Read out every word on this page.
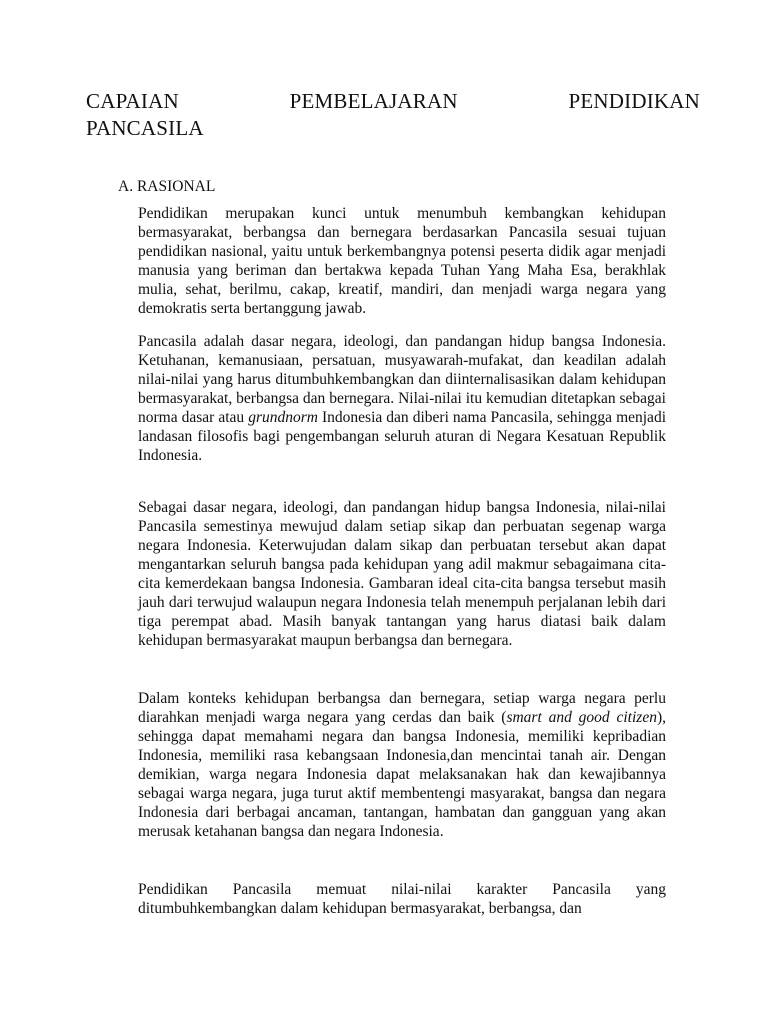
CAPAIAN PEMBELAJARAN PENDIDIKAN
PANCASILA
A. RASIONAL

Pendidikan merupakan kunci untuk menumbuh kembangkan kehidupan bermasyarakat, berbangsa dan bernegara berdasarkan Pancasila sesuai tujuan pendidikan nasional, yaitu untuk berkembangnya potensi peserta didik agar menjadi manusia yang beriman dan bertakwa kepada Tuhan Yang Maha Esa, berakhlak mulia, sehat, berilmu, cakap, kreatif, mandiri, dan menjadi warga negara yang demokratis serta bertanggung jawab.

Pancasila adalah dasar negara, ideologi, dan pandangan hidup bangsa Indonesia. Ketuhanan, kemanusiaan, persatuan, musyawarah-mufakat, dan keadilan adalah nilai-nilai yang harus ditumbuhkembangkan dan diinternalisasikan dalam kehidupan bermasyarakat, berbangsa dan bernegara. Nilai-nilai itu kemudian ditetapkan sebagai norma dasar atau grundnorm Indonesia dan diberi nama Pancasila, sehingga menjadi landasan filosofis bagi pengembangan seluruh aturan di Negara Kesatuan Republik Indonesia.

Sebagai dasar negara, ideologi, dan pandangan hidup bangsa Indonesia, nilai-nilai Pancasila semestinya mewujud dalam setiap sikap dan perbuatan segenap warga negara Indonesia. Keterwujudan dalam sikap dan perbuatan tersebut akan dapat mengantarkan seluruh bangsa pada kehidupan yang adil makmur sebagaimana cita-cita kemerdekaan bangsa Indonesia. Gambaran ideal cita-cita bangsa tersebut masih jauh dari terwujud walaupun negara Indonesia telah menempuh perjalanan lebih dari tiga perempat abad. Masih banyak tantangan yang harus diatasi baik dalam kehidupan bermasyarakat maupun berbangsa dan bernegara.

Dalam konteks kehidupan berbangsa dan bernegara, setiap warga negara perlu diarahkan menjadi warga negara yang cerdas dan baik (smart and good citizen), sehingga dapat memahami negara dan bangsa Indonesia, memiliki kepribadian Indonesia, memiliki rasa kebangsaan Indonesia,dan mencintai tanah air. Dengan demikian, warga negara Indonesia dapat melaksanakan hak dan kewajibannya sebagai warga negara, juga turut aktif membentengi masyarakat, bangsa dan negara Indonesia dari berbagai ancaman, tantangan, hambatan dan gangguan yang akan merusak ketahanan bangsa dan negara Indonesia.

Pendidikan Pancasila memuat nilai-nilai karakter Pancasila yang ditumbuhkembangkan dalam kehidupan bermasyarakat, berbangsa, dan
